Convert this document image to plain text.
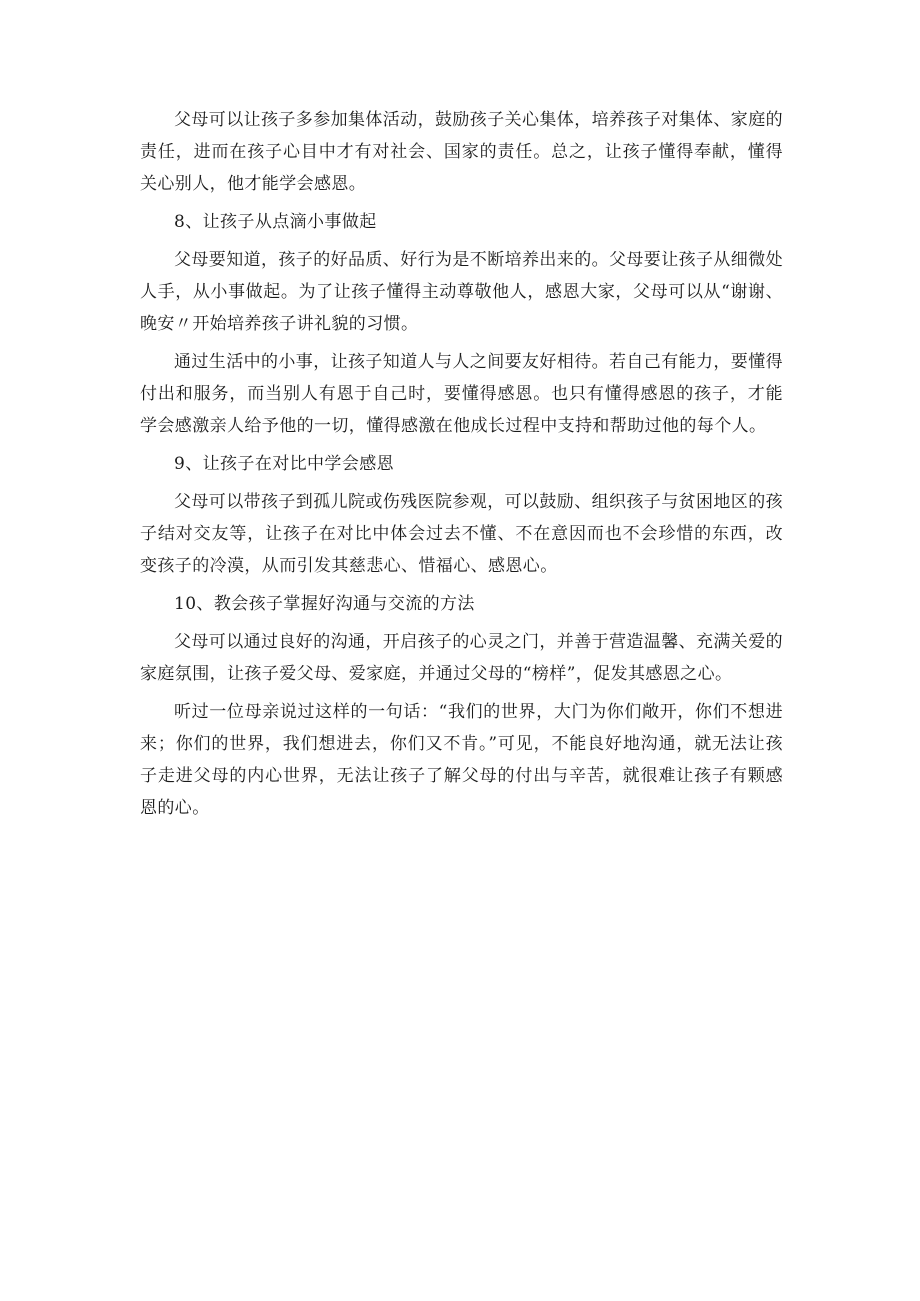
父母可以让孩子多参加集体活动，鼓励孩子关心集体，培养孩子对集体、家庭的责任，进而在孩子心目中才有对社会、国家的责任。总之，让孩子懂得奉献，懂得关心别人，他才能学会感恩。

8、让孩子从点滴小事做起

父母要知道，孩子的好品质、好行为是不断培养出来的。父母要让孩子从细微处人手，从小事做起。为了让孩子懂得主动尊敬他人，感恩大家，父母可以从“谢谢、晚安〃开始培养孩子讲礼貌的习惯。

通过生活中的小事，让孩子知道人与人之间要友好相待。若自己有能力，要懂得付出和服务，而当别人有恩于自己时，要懂得感恩。也只有懂得感恩的孩子，才能学会感激亲人给予他的一切，懂得感激在他成长过程中支持和帮助过他的每个人。

9、让孩子在对比中学会感恩

父母可以带孩子到孤儿院或伤残医院参观，可以鼓励、组织孩子与贫困地区的孩子结对交友等，让孩子在对比中体会过去不懂、不在意因而也不会珍惜的东西，改变孩子的冷漠，从而引发其慈悲心、惜福心、感恩心。

10、教会孩子掌握好沟通与交流的方法

父母可以通过良好的沟通，开启孩子的心灵之门，并善于营造温馨、充满关爱的家庭氛围，让孩子爱父母、爱家庭，并通过父母的“榜样”，促发其感恩之心。

听过一位母亲说过这样的一句话：“我们的世界，大门为你们敞开，你们不想进来；你们的世界，我们想进去，你们又不肯。”可见，不能良好地沟通，就无法让孩子走进父母的内心世界，无法让孩子了解父母的付出与辛苦，就很难让孩子有颗感恩的心。
